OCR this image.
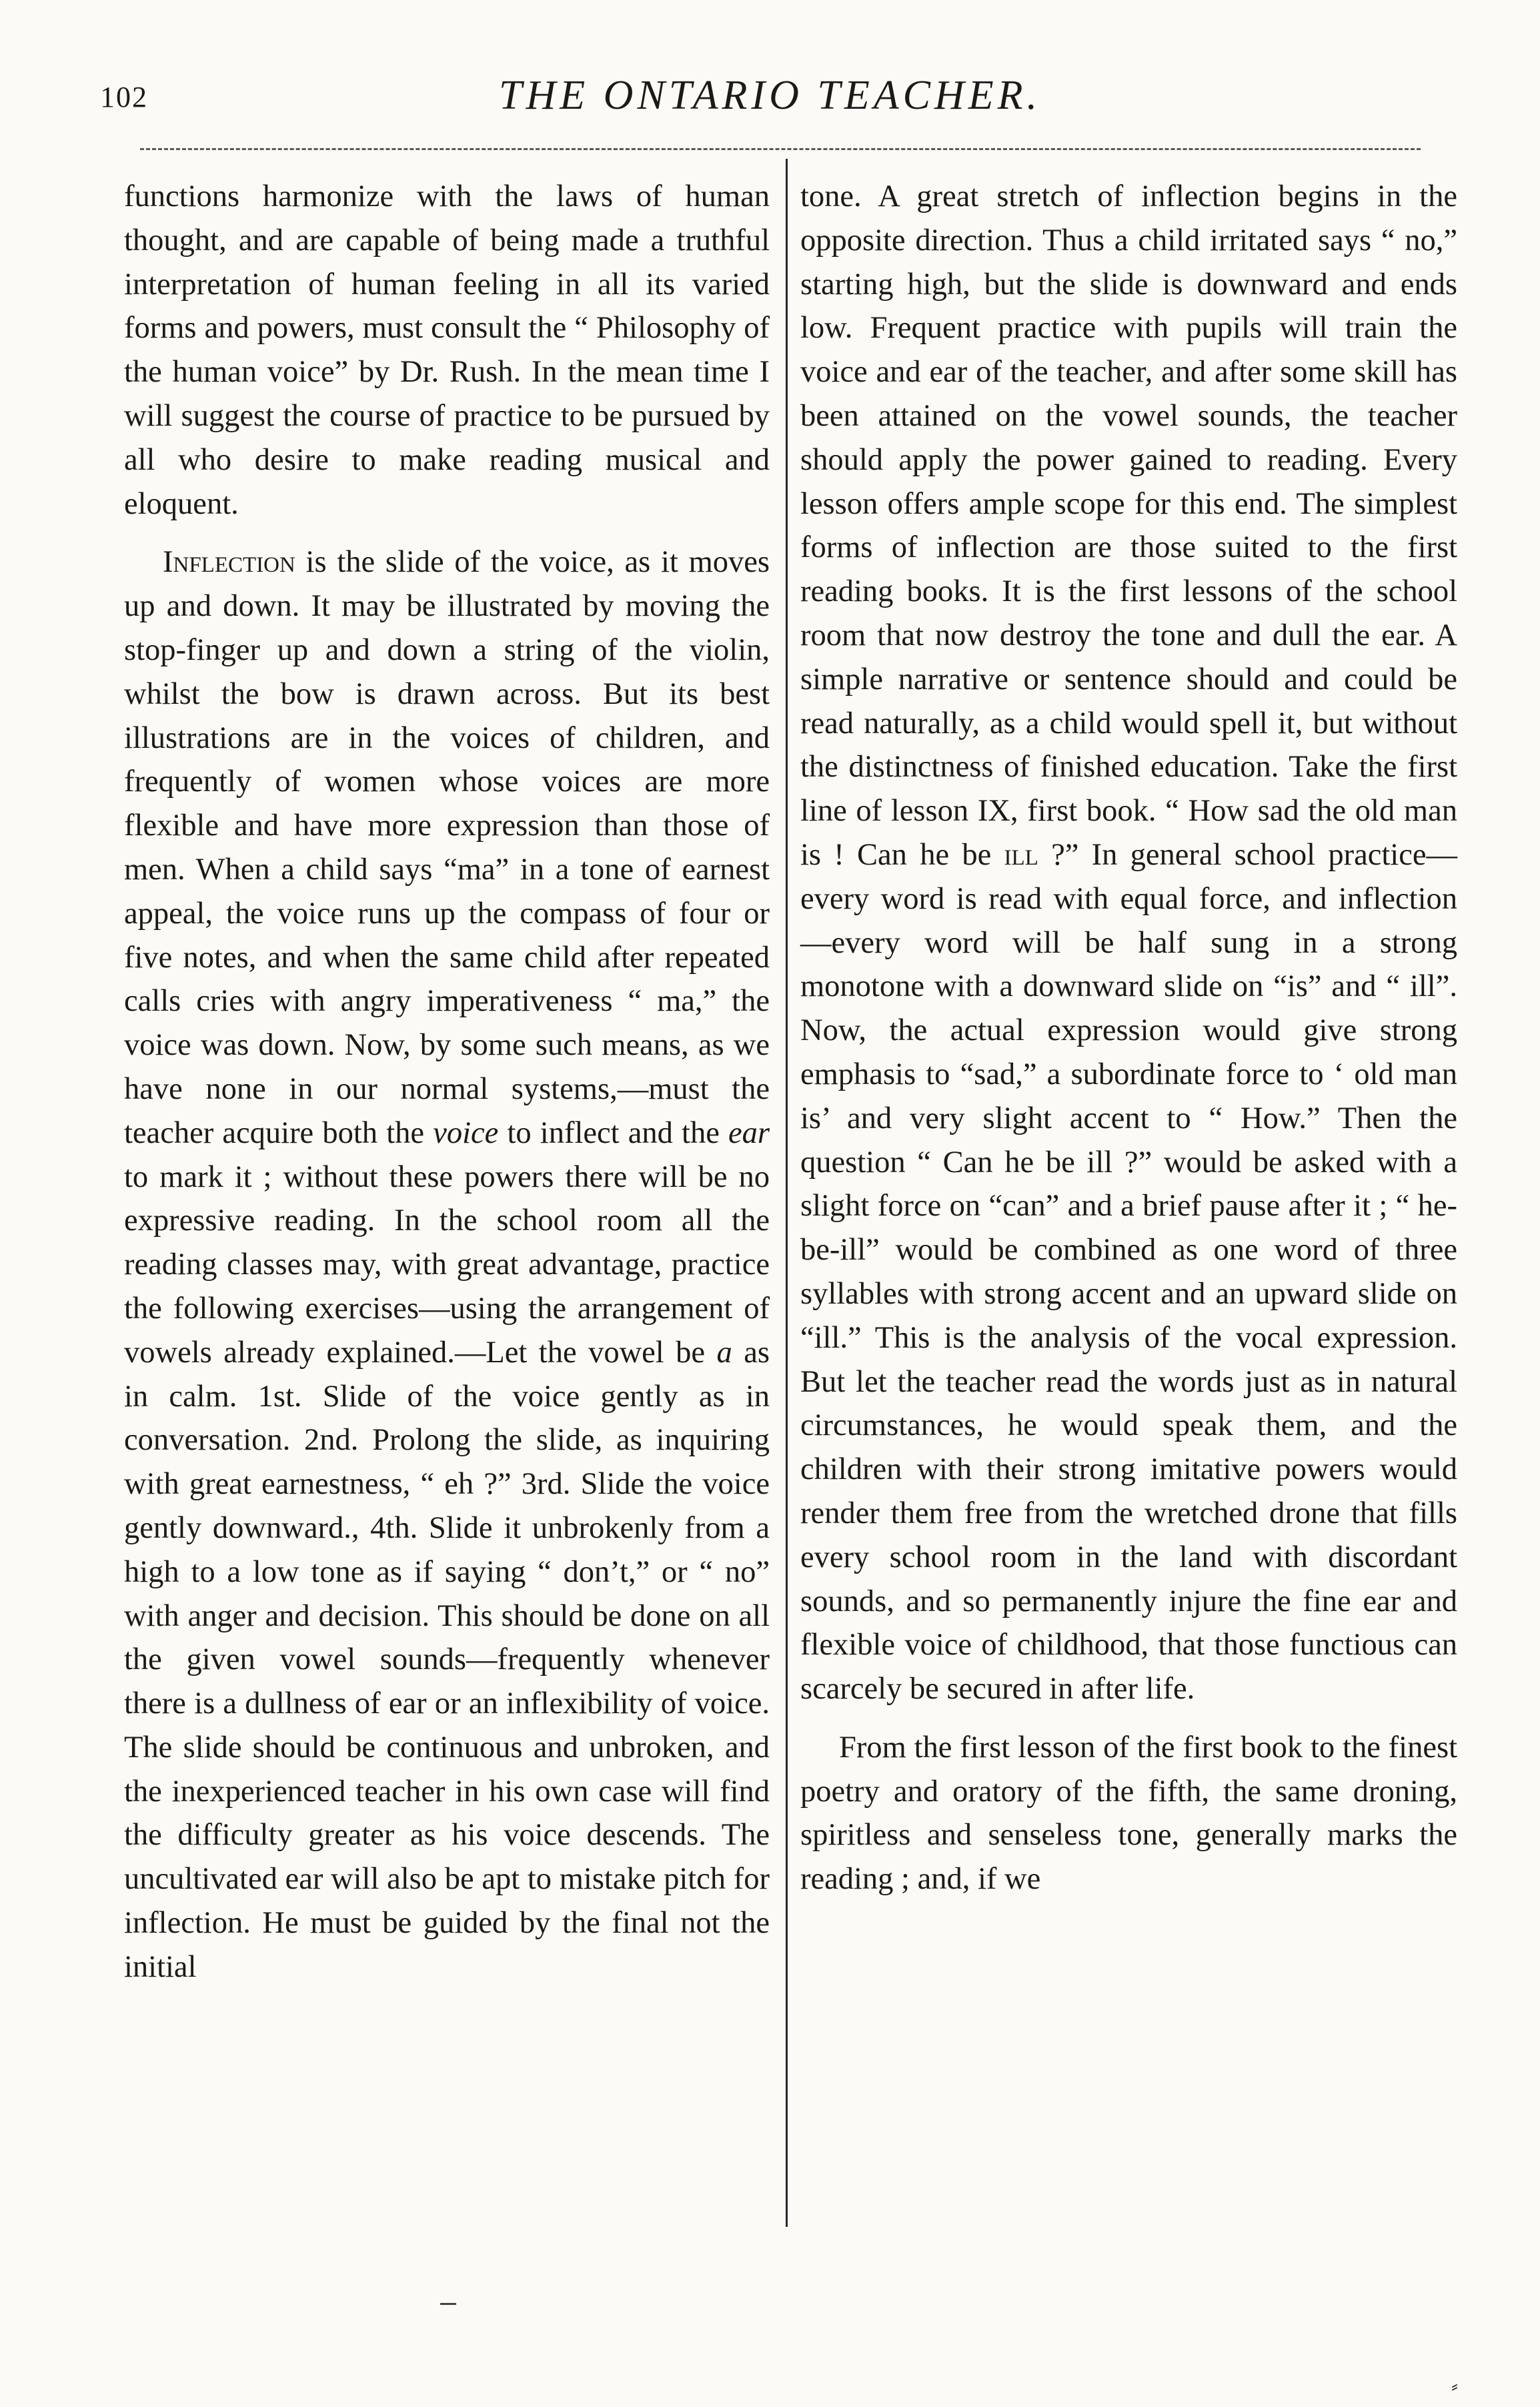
102	THE ONTARIO TEACHER.

functions harmonize with the laws of human thought, and are capable of being made a truthful interpretation of human feeling in all its varied forms and powers, must consult the “ Philosophy of the human voice” by Dr. Rush. In the mean time I will suggest the course of practice to be pursued by all who desire to make reading musical and eloquent.

Inflection is the slide of the voice, as it moves up and down. It may be illustrated by moving the stop-finger up and down a string of the violin, whilst the bow is drawn across. But its best illustrations are in the voices of children, and frequently of women whose voices are more flexible and have more expression than those of men. When a child says “ma” in a tone of earnest appeal, the voice runs up the compass of four or five notes, and when the same child after repeated calls cries with angry imperativeness “ ma,” the voice was down. Now, by some such means, as we have none in our normal systems,—must the teacher acquire both the voice to inflect and the ear to mark it ; without these powers there will be no expressive reading. In the school room all the reading classes may, with great advantage, practice the following exercises—using the arrangement of vowels already explained.—Let the vowel be a as in calm. 1st. Slide of the voice gently as in conversation. 2nd. Prolong the slide, as inquiring with great earnestness, “ eh ?” 3rd. Slide the voice gently downward., 4th. Slide it unbrokenly from a high to a low tone as if saying “ don’t,” or “ no” with anger and decision. This should be done on all the given vowel sounds—frequently whenever there is a dullness of ear or an inflexibility of voice. The slide should be continuous and unbroken, and the inexperienced teacher in his own case will find the difficulty greater as his voice descends. The uncultivated ear will also be apt to mistake pitch for inflection. He must be guided by the final not the initial

tone. A great stretch of inflection begins in the opposite direction. Thus a child irritated says “ no,” starting high, but the slide is downward and ends low. Frequent practice with pupils will train the voice and ear of the teacher, and after some skill has been attained on the vowel sounds, the teacher should apply the power gained to reading. Every lesson offers ample scope for this end. The simplest forms of inflection are those suited to the first reading books. It is the first lessons of the school room that now destroy the tone and dull the ear. A simple narrative or sentence should and could be read naturally, as a child would spell it, but without the distinctness of finished education. Take the first line of lesson IX, first book. “ How sad the old man is ! Can he be ill ?” In general school practice—every word is read with equal force, and inflection—every word will be half sung in a strong monotone with a downward slide on “is” and “ ill”. Now, the actual expression would give strong emphasis to “sad,” a subordinate force to ‘ old man is’ and very slight accent to “ How.” Then the question “ Can he be ill ?” would be asked with a slight force on “can” and a brief pause after it ; “ he-be-ill” would be combined as one word of three syllables with strong accent and an upward slide on “ill.” This is the analysis of the vocal expression. But let the teacher read the words just as in natural circumstances, he would speak them, and the children with their strong imitative powers would render them free from the wretched drone that fills every school room in the land with discordant sounds, and so permanently injure the fine ear and flexible voice of childhood, that those functious can scarcely be secured in after life.

From the first lesson of the first book to the finest poetry and oratory of the fifth, the same droning, spiritless and senseless tone, generally marks the reading ; and, if we

⸗
